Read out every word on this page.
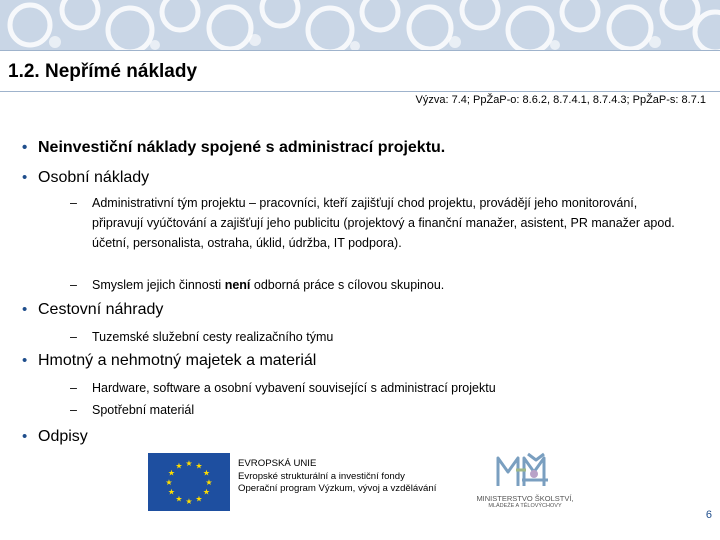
1.2. Nepřímé náklady
Výzva: 7.4; PpŽaP-o: 8.6.2, 8.7.4.1, 8.7.4.3; PpŽaP-s: 8.7.1
• Neinvestiční náklady spojené s administrací projektu.
• Osobní náklady
– Administrativní tým projektu – pracovníci, kteří zajišťují chod projektu, provádějí jeho monitorování, připravují vyúčtování a zajišťují jeho publicitu (projektový a finanční manažer, asistent, PR manažer apod. účetní, personalista, ostraha, úklid, údržba, IT podpora).
– Smyslem jejich činnosti není odborná práce s cílovou skupinou.
• Cestovní náhrady
– Tuzemské služební cesty realizačního týmu
• Hmotný a nehmotný majetek a materiál
– Hardware, software a osobní vybavení související s administrací projektu
– Spotřební materiál
• Odpisy
★ ★
★
★
★
★
★
★
★
★
★
★	EVROPSKÁ UNIE
Evropské strukturální a investiční fondy
Operační program Výzkum, vývoj a vzdělávání
MINISTERSTVO ŠKOLSTVÍ,
MLÁDEŽE A TĚLOVÝCHOVY
6
